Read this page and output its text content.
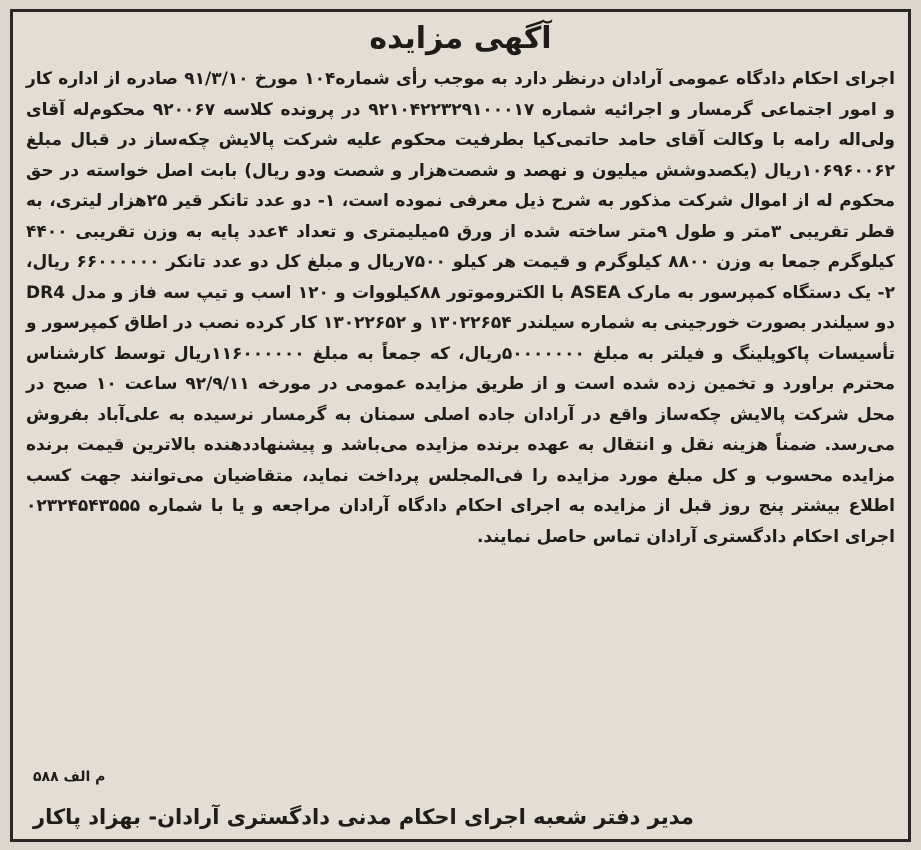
آگهی مزایده

اجرای احکام دادگاه عمومی آرادان درنظر دارد به موجب رأی شماره۱۰۴ مورخ ۹۱/۳/۱۰ صادره از اداره کار و امور اجتماعی گرمسار و اجرائیه شماره ۹۲۱۰۴۲۲۳۲۹۱۰۰۰۱۷ در پرونده کلاسه ۹۲۰۰۶۷ محکوم‌له آقای ولی‌اله رامه با وکالت آقای حامد حاتمی‌کیا بطرفیت محکوم علیه شرکت پالایش چکه‌ساز در قبال مبلغ ۱۰۶۹۶۰۰۶۲ریال (یکصدوشش میلیون و نهصد و شصت‌هزار و شصت ودو ریال) بابت اصل خواسته در حق محکوم له از اموال شرکت مذکور به شرح ذیل معرفی نموده است، ۱- دو عدد تانکر قیر ۲۵هزار لیتری، به قطر تقریبی ۳متر و طول ۹متر ساخته شده از ورق ۵میلیمتری و تعداد ۴عدد پایه به وزن تقریبی ۴۴۰۰ کیلوگرم جمعا به وزن ۸۸۰۰ کیلوگرم و قیمت هر کیلو ۷۵۰۰ریال و مبلغ کل دو عدد تانکر ۶۶۰۰۰۰۰۰ ریال، ۲- یک دستگاه کمپرسور به مارک ASEA با الکتروموتور ۸۸کیلووات و ۱۲۰ اسب و تیپ سه فاز و مدل DR4 دو سیلندر بصورت خورجینی به شماره سیلندر ۱۳۰۲۲۶۵۴ و ۱۳۰۲۲۶۵۲ کار کرده نصب در اطاق کمپرسور و تأسیسات پاکوپلینگ و فیلتر به مبلغ ۵۰۰۰۰۰۰۰ریال، که جمعاً به مبلغ ۱۱۶۰۰۰۰۰۰ریال توسط کارشناس محترم براورد و تخمین زده شده است و از طریق مزایده عمومی در مورخه ۹۲/۹/۱۱ ساعت ۱۰ صبح در محل شرکت پالایش چکه‌ساز واقع در آرادان جاده اصلی سمنان به گرمسار نرسیده به علی‌آباد بفروش می‌رسد. ضمناً هزینه نقل و انتقال به عهده برنده مزایده می‌باشد و پیشنهاددهنده بالاترین قیمت برنده مزایده محسوب و کل مبلغ مورد مزایده را فی‌المجلس پرداخت نماید، متقاضیان می‌توانند جهت کسب اطلاع بیشتر پنج روز قبل از مزایده به اجرای احکام دادگاه آرادان مراجعه و یا با شماره ۰۲۳۲۴۵۴۳۵۵۵ اجرای احکام دادگستری آرادان تماس حاصل نمایند.

م الف ۵۸۸
مدیر دفتر شعبه اجرای احکام مدنی دادگستری آرادان- بهزاد پاکار
